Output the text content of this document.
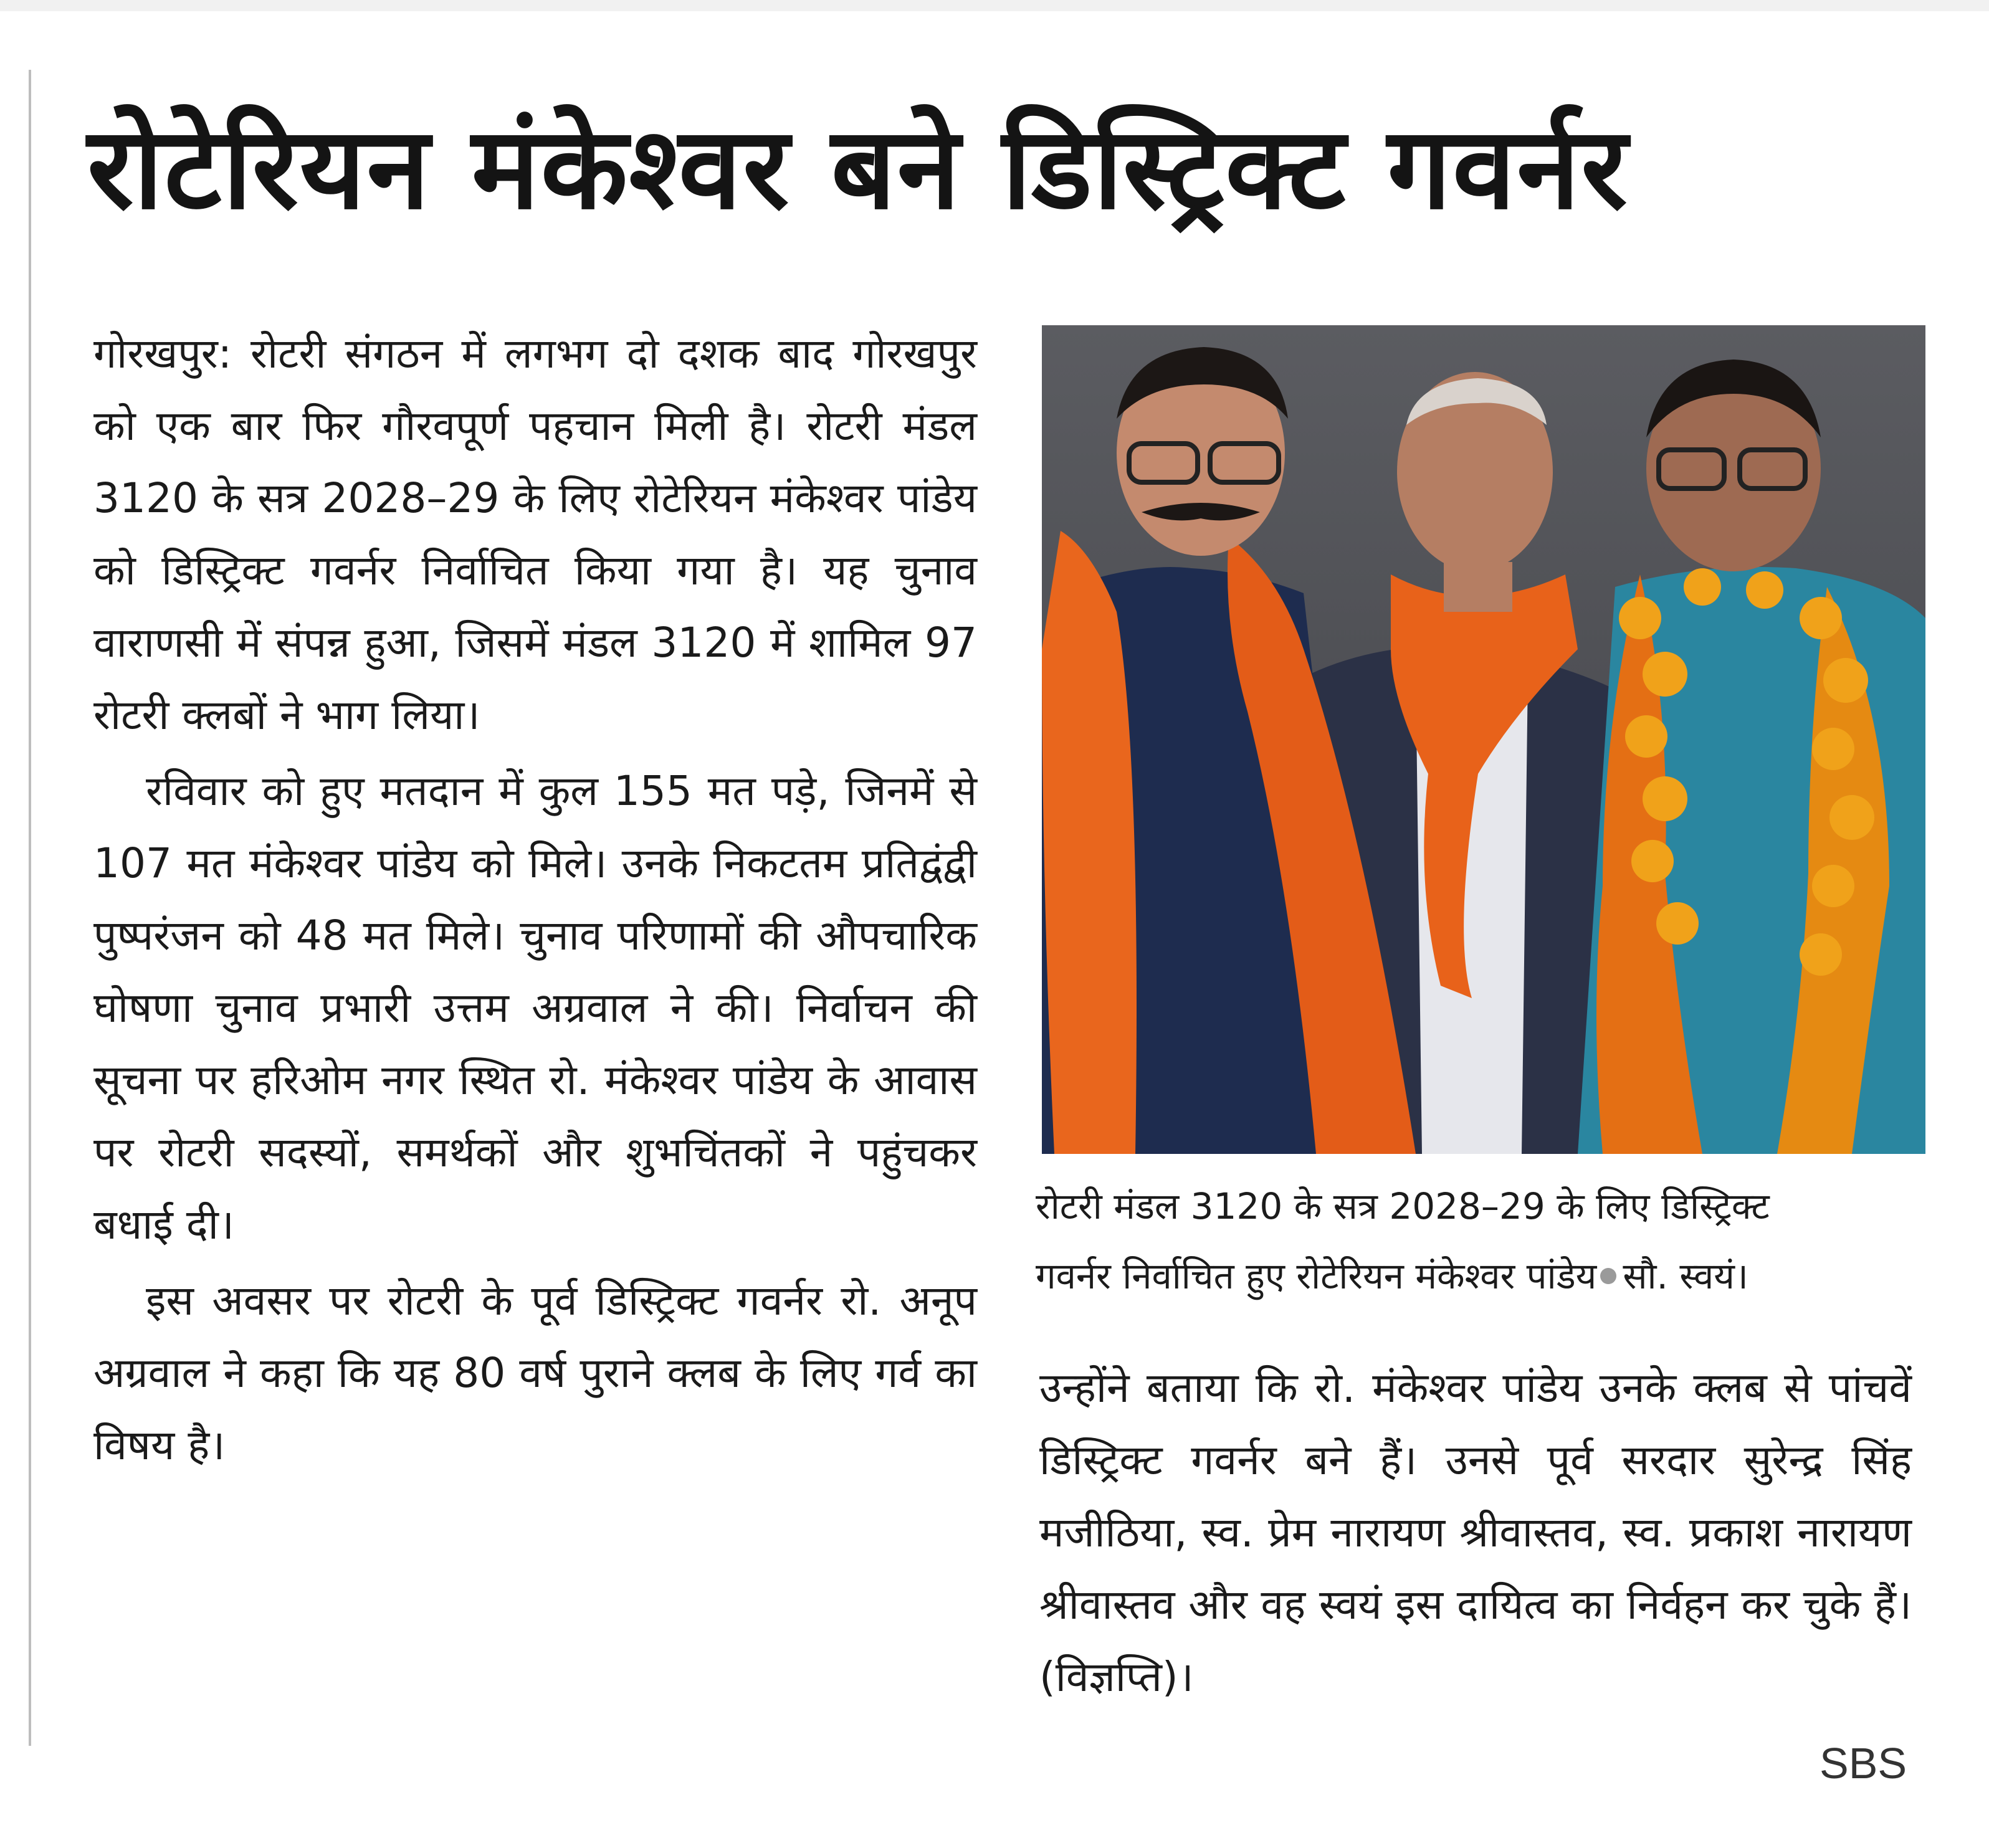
रोटेरियन मंकेश्वर बने डिस्ट्रिक्ट गवर्नर

गोरखपुर: रोटरी संगठन में लगभग दो दशक बाद गोरखपुर को एक बार फिर गौरवपूर्ण पहचान मिली है। रोटरी मंडल 3120 के सत्र 2028–29 के लिए रोटेरियन मंकेश्वर पांडेय को डिस्ट्रिक्ट गवर्नर निर्वाचित किया गया है। यह चुनाव वाराणसी में संपन्न हुआ, जिसमें मंडल 3120 में शामिल 97 रोटरी क्लबों ने भाग लिया।

रविवार को हुए मतदान में कुल 155 मत पड़े, जिनमें से 107 मत मंकेश्वर पांडेय को मिले। उनके निकटतम प्रतिद्वंद्वी पुष्परंजन को 48 मत मिले। चुनाव परिणामों की औपचारिक घोषणा चुनाव प्रभारी उत्तम अग्रवाल ने की। निर्वाचन की सूचना पर हरिओम नगर स्थित रो. मंकेश्वर पांडेय के आवास पर रोटरी सदस्यों, समर्थकों और शुभचिंतकों ने पहुंचकर बधाई दी।

इस अवसर पर रोटरी के पूर्व डिस्ट्रिक्ट गवर्नर रो. अनूप अग्रवाल ने कहा कि यह 80 वर्ष पुराने क्लब के लिए गर्व का विषय है।

रोटरी मंडल 3120 के सत्र 2028–29 के लिए डिस्ट्रिक्ट
गवर्नर निर्वाचित हुए रोटेरियन मंकेश्वर पांडेय सौ. स्वयं।

उन्होंने बताया कि रो. मंकेश्वर पांडेय उनके क्लब से पांचवें डिस्ट्रिक्ट गवर्नर बने हैं। उनसे पूर्व सरदार सुरेन्द्र सिंह मजीठिया, स्व. प्रेम नारायण श्रीवास्तव, स्व. प्रकाश नारायण श्रीवास्तव और वह स्वयं इस दायित्व का निर्वहन कर चुके हैं। (विज्ञप्ति)।

SBS
